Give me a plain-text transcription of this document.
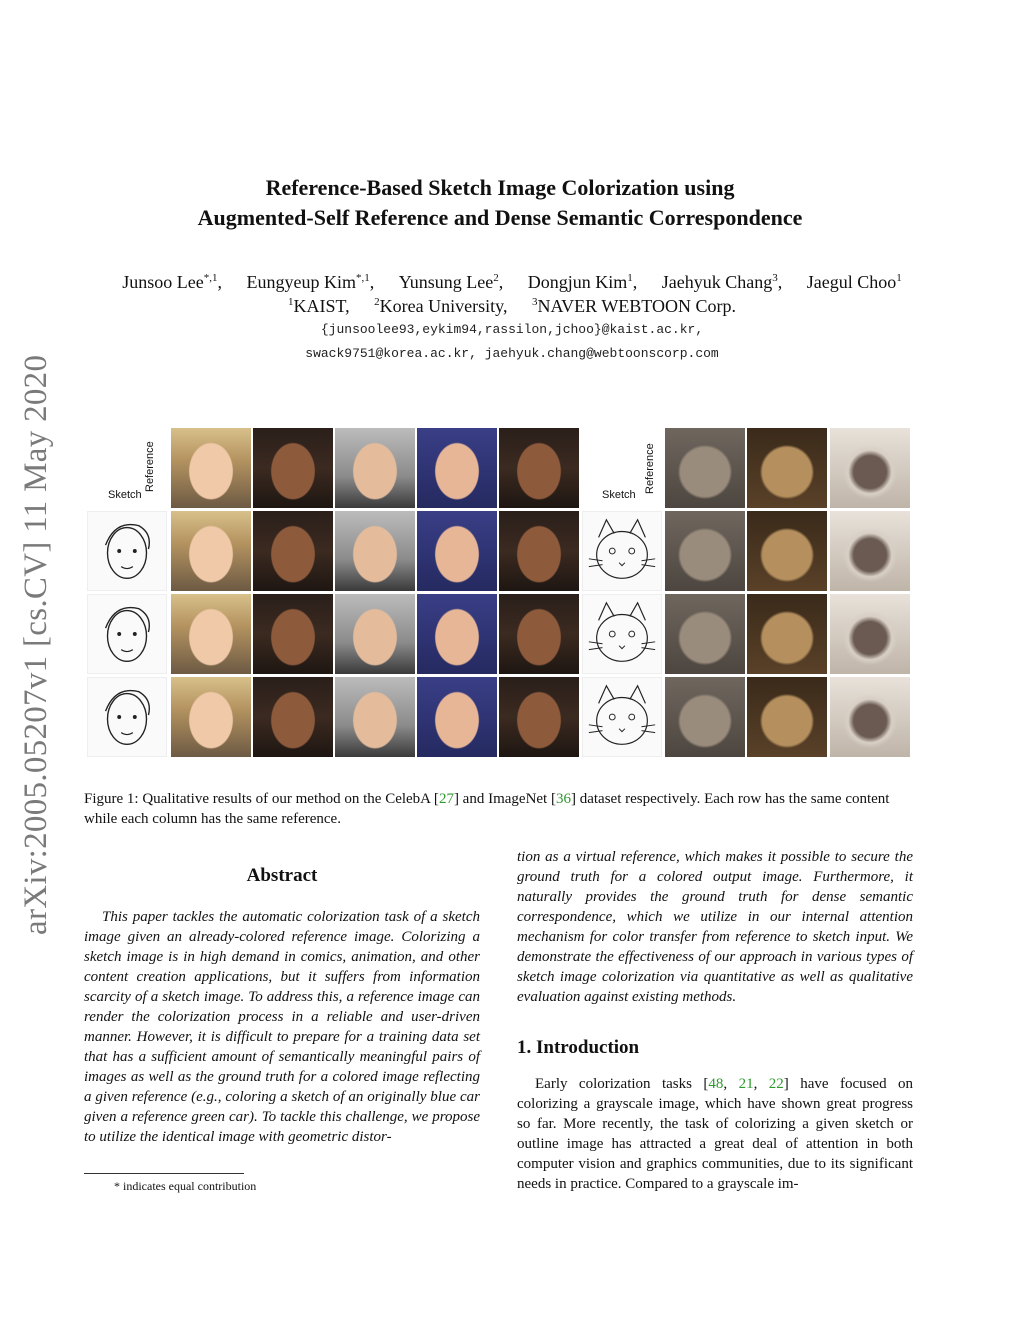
arXiv:2005.05207v1 [cs.CV] 11 May 2020
Reference-Based Sketch Image Colorization using
Augmented-Self Reference and Dense Semantic Correspondence
Junsoo Lee$^{*,1}$, Eungyeup Kim$^{*,1}$, Yunsung Lee$^2$, Dongjun Kim$^1$, Jaehyuk Chang$^3$, Jaegul Choo$^1$
$^1$KAIST, $^2$Korea University, $^3$NAVER WEBTOON Corp.
{junsoolee93,eykim94,rassilon,jchoo}@kaist.ac.kr,
swack9751@korea.ac.kr, jaehyuk.chang@webtoonscorp.com
Reference
Sketch
Reference
Sketch
Figure 1: Qualitative results of our method on the CelebA [27] and ImageNet [36] dataset respectively. Each row has the same content while each column has the same reference.
Abstract

This paper tackles the automatic colorization task of a sketch image given an already-colored reference image. Colorizing a sketch image is in high demand in comics, animation, and other content creation applications, but it suffers from information scarcity of a sketch image. To address this, a reference image can render the colorization process in a reliable and user-driven manner. However, it is difficult to prepare for a training data set that has a sufficient amount of semantically meaningful pairs of images as well as the ground truth for a colored image reflecting a given reference (e.g., coloring a sketch of an originally blue car given a reference green car). To tackle this challenge, we propose to utilize the identical image with geometric distor-

tion as a virtual reference, which makes it possible to secure the ground truth for a colored output image. Furthermore, it naturally provides the ground truth for dense semantic correspondence, which we utilize in our internal attention mechanism for color transfer from reference to sketch input. We demonstrate the effectiveness of our approach in various types of sketch image colorization via quantitative as well as qualitative evaluation against existing methods.
1. Introduction
Early colorization tasks [48, 21, 22] have focused on colorizing a grayscale image, which have shown great progress so far. More recently, the task of colorizing a given sketch or outline image has attracted a great deal of attention in both computer vision and graphics communities, due to its significant needs in practice. Compared to a grayscale im-
* indicates equal contribution
